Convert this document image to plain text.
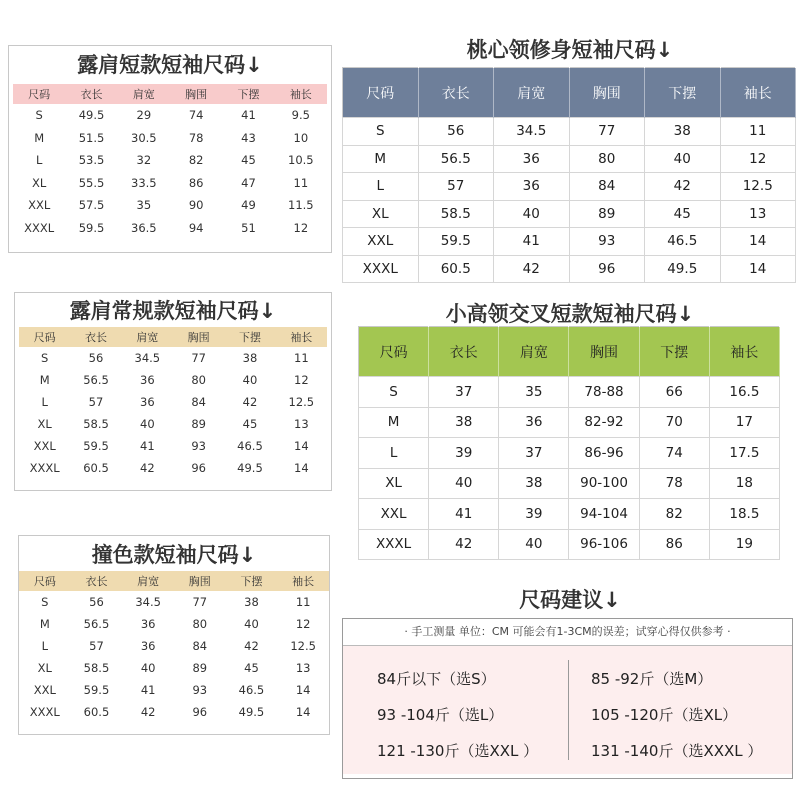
露肩短款短袖尺码↓
尺码	衣长	肩宽	胸围	下摆	袖长
S	49.5	29	74	41	9.5
M	51.5	30.5	78	43	10
L	53.5	32	82	45	10.5
XL	55.5	33.5	86	47	11
XXL	57.5	35	90	49	11.5
XXXL	59.5	36.5	94	51	12
露肩常规款短袖尺码↓
尺码	衣长	肩宽	胸围	下摆	袖长
S	56	34.5	77	38	11
M	56.5	36	80	40	12
L	57	36	84	42	12.5
XL	58.5	40	89	45	13
XXL	59.5	41	93	46.5	14
XXXL	60.5	42	96	49.5	14
撞色款短袖尺码↓
尺码	衣长	肩宽	胸围	下摆	袖长
S	56	34.5	77	38	11
M	56.5	36	80	40	12
L	57	36	84	42	12.5
XL	58.5	40	89	45	13
XXL	59.5	41	93	46.5	14
XXXL	60.5	42	96	49.5	14
桃心领修身短袖尺码↓
尺码	衣长	肩宽	胸围	下摆	袖长
S	56	34.5	77	38	11
M	56.5	36	80	40	12
L	57	36	84	42	12.5
XL	58.5	40	89	45	13
XXL	59.5	41	93	46.5	14
XXXL	60.5	42	96	49.5	14
小高领交叉短款短袖尺码↓
尺码	衣长	肩宽	胸围	下摆	袖长
S	37	35	78-88	66	16.5
M	38	36	82-92	70	17
L	39	37	86-96	74	17.5
XL	40	38	90-100	78	18
XXL	41	39	94-104	82	18.5
XXXL	42	40	96-106	86	19
尺码建议↓
· 手工测量 单位：CM 可能会有1-3CM的误差；试穿心得仅供参考 ·
84斤以下（选S）	85 -92斤（选M）
93 -104斤（选L）	105 -120斤（选XL）
121 -130斤（选XXL ）	131 -140斤（选XXXL ）
